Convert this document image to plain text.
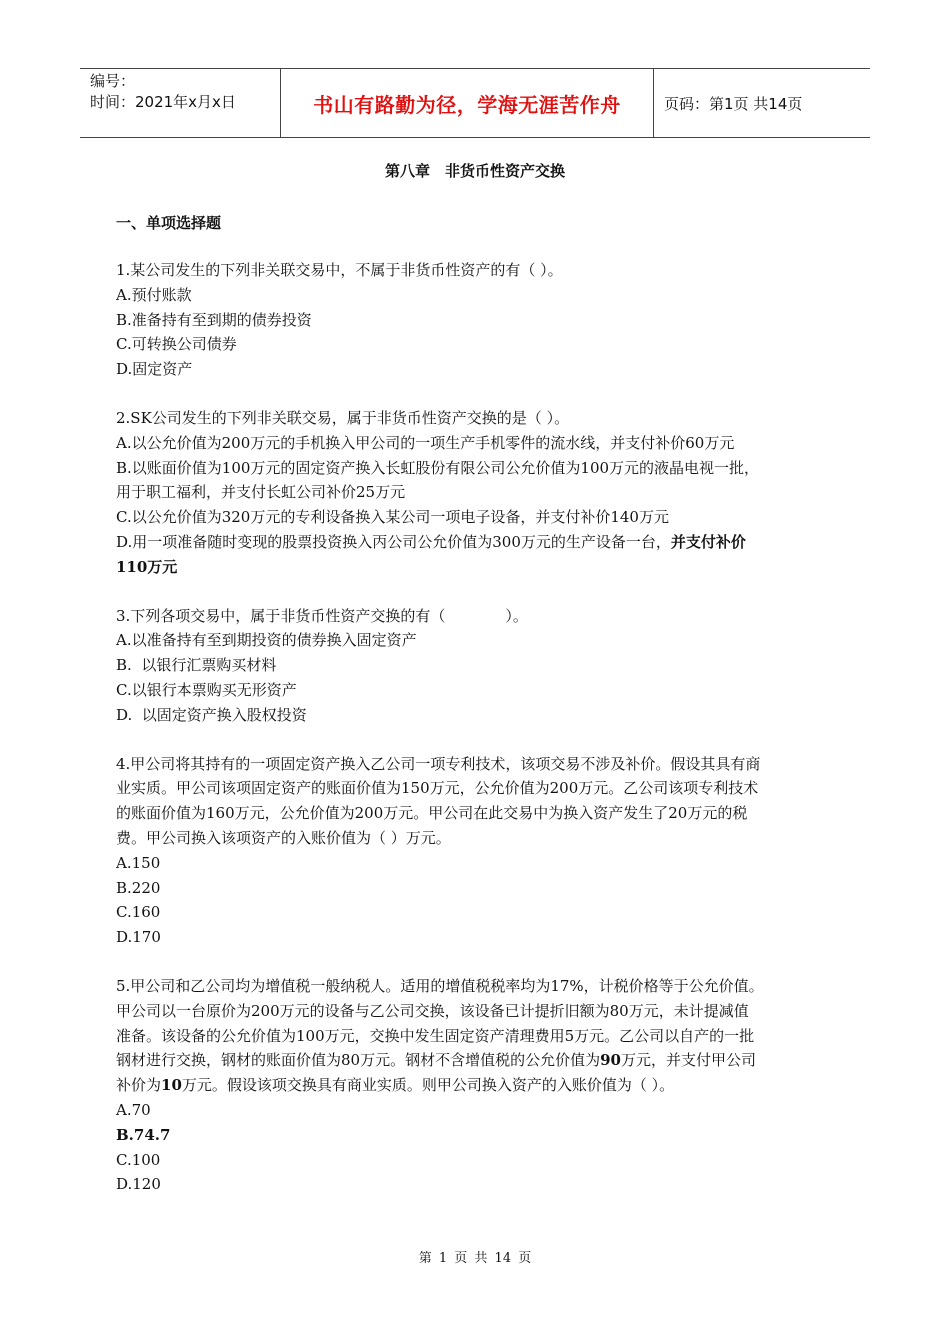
编号：
时间：2021年x月x日	书山有路勤为径，学海无涯苦作舟	页码：第1页 共14页
第八章　非货币性资产交换
一、单项选择题
1.某公司发生的下列非关联交易中，不属于非货币性资产的有（ ）。
A.预付账款
B.准备持有至到期的债券投资
C.可转换公司债券
D.固定资产
2.SK公司发生的下列非关联交易，属于非货币性资产交换的是（ ）。
A.以公允价值为200万元的手机换入甲公司的一项生产手机零件的流水线，并支付补价60万元
B.以账面价值为100万元的固定资产换入长虹股份有限公司公允价值为100万元的液晶电视一批，
用于职工福利，并支付长虹公司补价25万元
C.以公允价值为320万元的专利设备换入某公司一项电子设备，并支付补价140万元
D.用一项准备随时变现的股票投资换入丙公司公允价值为300万元的生产设备一台，并支付补价
110万元
3.下列各项交易中，属于非货币性资产交换的有（　　　　）。
A.以准备持有至到期投资的债券换入固定资产
B.  以银行汇票购买材料
C.以银行本票购买无形资产
D.  以固定资产换入股权投资
4.甲公司将其持有的一项固定资产换入乙公司一项专利技术，该项交易不涉及补价。假设其具有商
业实质。甲公司该项固定资产的账面价值为150万元，公允价值为200万元。乙公司该项专利技术
的账面价值为160万元，公允价值为200万元。甲公司在此交易中为换入资产发生了20万元的税
费。甲公司换入该项资产的入账价值为（ ）万元。
A.150
B.220
C.160
D.170
5.甲公司和乙公司均为增值税一般纳税人。适用的增值税税率均为17%，计税价格等于公允价值。
甲公司以一台原价为200万元的设备与乙公司交换，该设备已计提折旧额为80万元，未计提减值
准备。该设备的公允价值为100万元，交换中发生固定资产清理费用5万元。乙公司以自产的一批
钢材进行交换，钢材的账面价值为80万元。钢材不含增值税的公允价值为90万元，并支付甲公司
补价为10万元。假设该项交换具有商业实质。则甲公司换入资产的入账价值为（ ）。
A.70
B.74.7
C.100
D.120
第 1 页 共 14 页
